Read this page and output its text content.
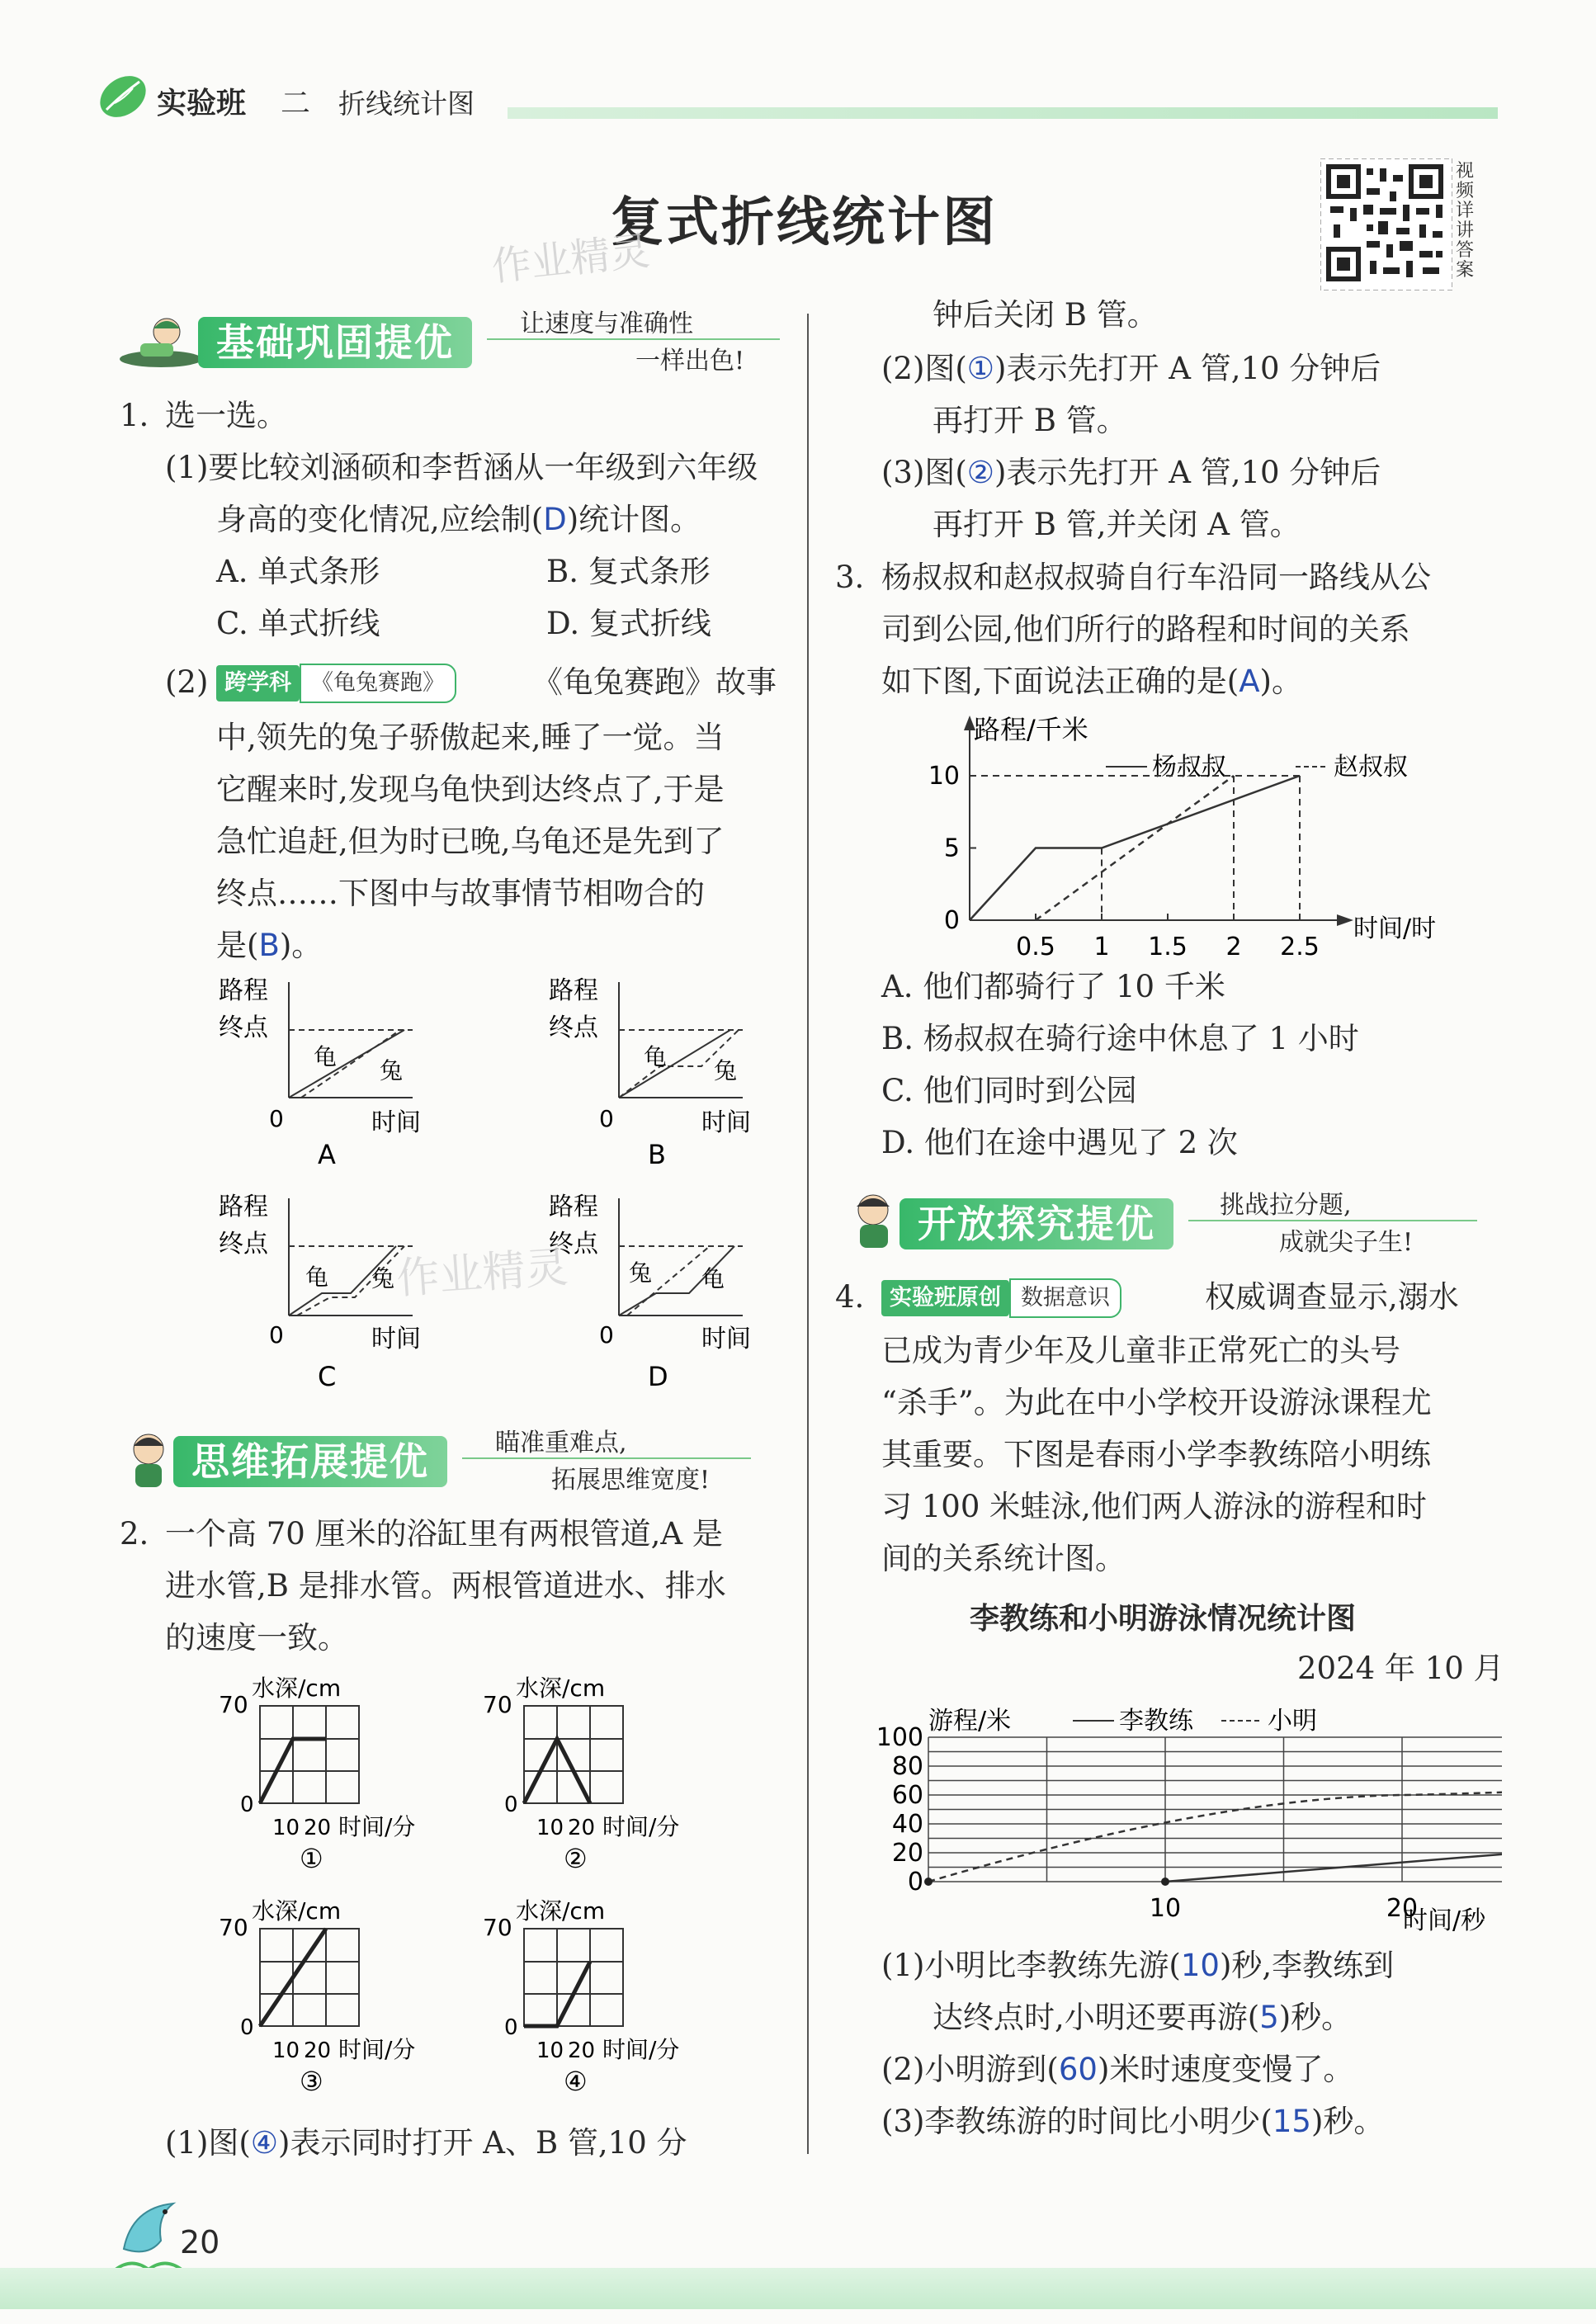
实验班 二 折线统计图
复式折线统计图
作业精灵
视频详讲答案
基础巩固提优	让速度与准确性
一样出色!
1. 选一选。
(1)要比较刘涵硕和李哲涵从一年级到六年级
身高的变化情况,应绘制(D)统计图。
A. 单式条形	B. 复式条形
C. 单式折线	D. 复式折线
(2) 跨学科 《龟兔赛跑》	《龟兔赛跑》故事
中,领先的兔子骄傲起来,睡了一觉。当
它醒来时,发现乌龟快到达终点了,于是
急忙追赶,但为时已晚,乌龟还是先到了
终点……下图中与故事情节相吻合的
是(B)。
路程
终点
龟
兔
0	时间
A
路程
终点
龟
兔
0	时间
B
路程
终点
龟 兔
0	时间
C
路程
终点
兔 龟
0	时间
D
作业精灵
思维拓展提优	瞄准重难点,
拓展思维宽度!
2. 一个高 70 厘米的浴缸里有两根管道,A 是
进水管,B 是排水管。两根管道进水、排水
的速度一致。
水深/cm
70
0
10 20 时间/分
①
水深/cm
70
0
10 20 时间/分
②
水深/cm
70
0
10 20 时间/分
③
水深/cm
70
0
10 20 时间/分
④
(1)图(④)表示同时打开 A、B 管,10 分
钟后关闭 B 管。
(2)图(①)表示先打开 A 管,10 分钟后
再打开 B 管。
(3)图(②)表示先打开 A 管,10 分钟后
再打开 B 管,并关闭 A 管。
3. 杨叔叔和赵叔叔骑自行车沿同一路线从公
司到公园,他们所行的路程和时间的关系
如下图,下面说法正确的是(A)。
路程/千米
杨叔叔	赵叔叔
时间/时
0.5 1 1.5 2 2.5
0
5
10
A. 他们都骑行了 10 千米
B. 杨叔叔在骑行途中休息了 1 小时
C. 他们同时到公园
D. 他们在途中遇见了 2 次
开放探究提优	挑战拉分题,
成就尖子生!
4.	实验班原创 数据意识	权威调查显示,溺水
已成为青少年及儿童非正常死亡的头号
“杀手”。为此在中小学校开设游泳课程尤
其重要。下图是春雨小学李教练陪小明练
习 100 米蛙泳,他们两人游泳的游程和时
间的关系统计图。
李教练和小明游泳情况统计图
2024 年 10 月
游程/米	李教练	小明
时间/秒
10	20
0
20
40
60
80
100
(1)小明比李教练先游(10)秒,李教练到
达终点时,小明还要再游(5)秒。
(2)小明游到(60)米时速度变慢了。
(3)李教练游的时间比小明少(15)秒。
20
